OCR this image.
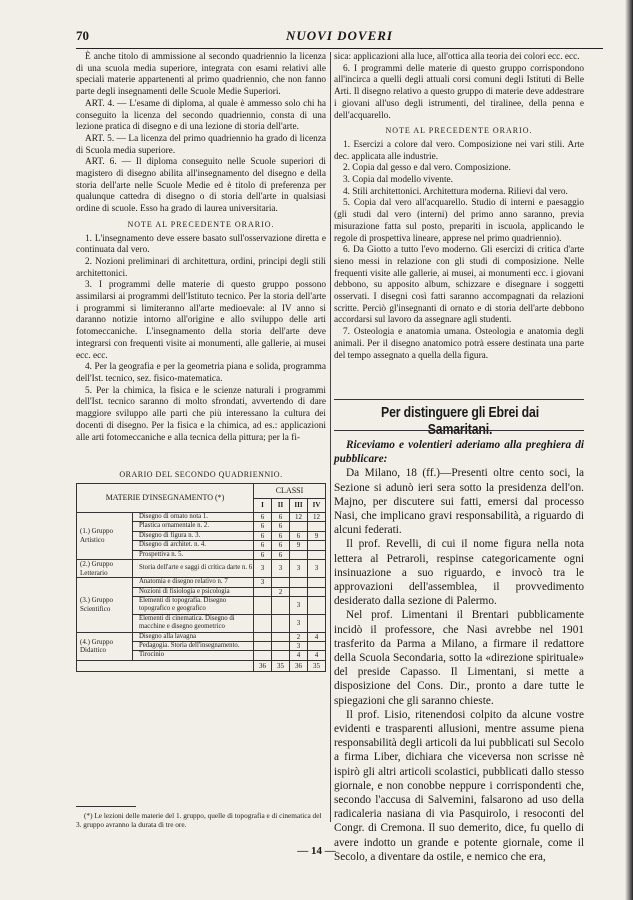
70	NUOVI DOVERI

È anche titolo di ammissione al secondo quadriennio la licenza di una scuola media superiore, integrata con esami relativi alle speciali materie appartenenti al primo quadriennio, che non fanno parte degli insegnamenti delle Scuole Medie Superiori.

ART. 4. — L'esame di diploma, al quale è ammesso solo chi ha conseguito la licenza del secondo quadriennio, consta di una lezione pratica di disegno e di una lezione di storia dell'arte.

ART. 5. — La licenza del primo quadriennio ha grado di licenza di Scuola media superiore.

ART. 6. — Il diploma conseguito nelle Scuole superiori di magistero di disegno abilita all'insegnamento del disegno e della storia dell'arte nelle Scuole Medie ed è titolo di preferenza per qualunque cattedra di disegno o di storia dell'arte in qualsiasi ordine di scuole. Esso ha grado di laurea universitaria.

NOTE AL PRECEDENTE ORARIO.

1. L'insegnamento deve essere basato sull'osservazione diretta e continuata dal vero.

2. Nozioni preliminari di architettura, ordini, principi degli stili architettonici.

3. I programmi delle materie di questo gruppo possono assimilarsi ai programmi dell'Istituto tecnico. Per la storia dell'arte i programmi si limiteranno all'arte medioevale: al IV anno si daranno notizie intorno all'origine e allo sviluppo delle arti fotomeccaniche. L'insegnamento della storia dell'arte deve integrarsi con frequenti visite ai monumenti, alle gallerie, ai musei ecc. ecc.

4. Per la geografia e per la geometria piana e solida, programma dell'Ist. tecnico, sez. fisico-matematica.

5. Per la chimica, la fisica e le scienze naturali i programmi dell'Ist. tecnico saranno di molto sfrondati, avvertendo di dare maggiore sviluppo alle parti che più interessano la cultura dei docenti di disegno. Per la fisica e la chimica, ad es.: applicazioni alle arti fotomeccaniche e alla tecnica della pittura; per la fi-

ORARIO DEL SECONDO QUADRIENNIO.
MATERIE D'INSEGNAMENTO (*)		CLASSI			
		I	II	III	IV
(1.) Gruppo Artistico	Disegno di ornato nota 1.	6	6	12	12
	Plastica ornamentale n. 2.	6	6		
	Disegno di figura n. 3.	6	6	6	9
	Disegno di architet. n. 4.	6	6	9	
	Prospettiva n. 5.	6	6		
(2.) Gruppo Letterario	Storia dell'arte e saggi di critica darte n. 6	3	3	3	3
(3.) Gruppo Scientifico	Anatomia e disegno relativo n. 7	3			
	Nozioni di fisiologia e psicologia		2		
	Elementi di topografia. Disegno topografico e geografico			3	
	Elementi di cinematica. Disegno di macchine e disegno geometrico			3	
(4.) Gruppo Didattico	Disegno alla lavagna			2	4
	Pedagogia. Storia dell'insegnamento.			3	
	Tirocinio			4	4
		36	35	36	35
(*) Le lezioni delle materie del 1. gruppo, quelle di topografia e di cinematica del 3. gruppo avranno la durata di tre ore.

sica: applicazioni alla luce, all'ottica alla teoria dei colori ecc. ecc.

6. I programmi delle materie di questo gruppo corrispondono all'incirca a quelli degli attuali corsi comuni degli Istituti di Belle Arti. Il disegno relativo a questo gruppo di materie deve addestrare i giovani all'uso degli istrumenti, del tiralinee, della penna e dell'acquarello.

NOTE AL PRECEDENTE ORARIO.

1. Esercizi a colore dal vero. Composizione nei vari stili. Arte dec. applicata alle industrie.

2. Copia dal gesso e dal vero. Composizione.

3. Copia dal modello vivente.

4. Stili architettonici. Architettura moderna. Rilievi dal vero.

5. Copia dal vero all'acquarello. Studio di interni e paesaggio (gli studi dal vero (interni) del primo anno saranno, previa misurazione fatta sul posto, prepariti in iscuola, applicando le regole di prospettiva lineare, apprese nel primo quadriennio).

6. Da Giotto a tutto l'evo moderno. Gli esercizi di critica d'arte sieno messi in relazione con gli studi di composizione. Nelle frequenti visite alle gallerie, ai musei, ai monumenti ecc. i giovani debbono, su apposito album, schizzare e disegnare i soggetti osservati. I disegni così fatti saranno accompagnati da relazioni scritte. Perciò gl'insegnanti di ornato e di storia dell'arte debbono accordarsi sul lavoro da assegnare agli studenti.

7. Osteologia e anatomia umana. Osteologia e anatomia degli animali. Per il disegno anatomico potrà essere destinata una parte del tempo assegnato a quella della figura.

Per distinguere gli Ebrei dai Samaritani.

Riceviamo e volentieri aderiamo alla preghiera di pubblicare:

Da Milano, 18 (ff.)—Presenti oltre cento soci, la Sezione si adunò ieri sera sotto la presidenza dell'on. Majno, per discutere sui fatti, emersi dal processo Nasi, che implicano gravi responsabilità, a riguardo di alcuni federati.

Il prof. Revelli, di cui il nome figura nella nota lettera al Petraroli, respinse categoricamente ogni insinuazione a suo riguardo, e invocò tra le approvazioni dell'assemblea, il provvedimento desiderato dalla sezione di Palermo.

Nel prof. Limentani il Brentari pubblicamente incidò il professore, che Nasi avrebbe nel 1901 trasferito da Parma a Milano, a firmare il redattore della Scuola Secondaria, sotto la «direzione spirituale» del preside Capasso. Il Limentani, si mette a disposizione del Cons. Dir., pronto a dare tutte le spiegazioni che gli saranno chieste.

Il prof. Lisio, ritenendosi colpito da alcune vostre evidenti e trasparenti allusioni, mentre assume piena responsabilità degli articoli da lui pubblicati sul Secolo a firma Liber, dichiara che viceversa non scrisse nè ispirò gli altri articoli scolastici, pubblicati dallo stesso giornale, e non conobbe neppure i corrispondenti che, secondo l'accusa di Salvemini, falsarono ad uso della radicaleria nasiana di via Pasquirolo, i resoconti del Congr. di Cremona. Il suo demerito, dice, fu quello di avere indotto un grande e potente giornale, come il Secolo, a diventare da ostile, e nemico che era,

— 14 —
